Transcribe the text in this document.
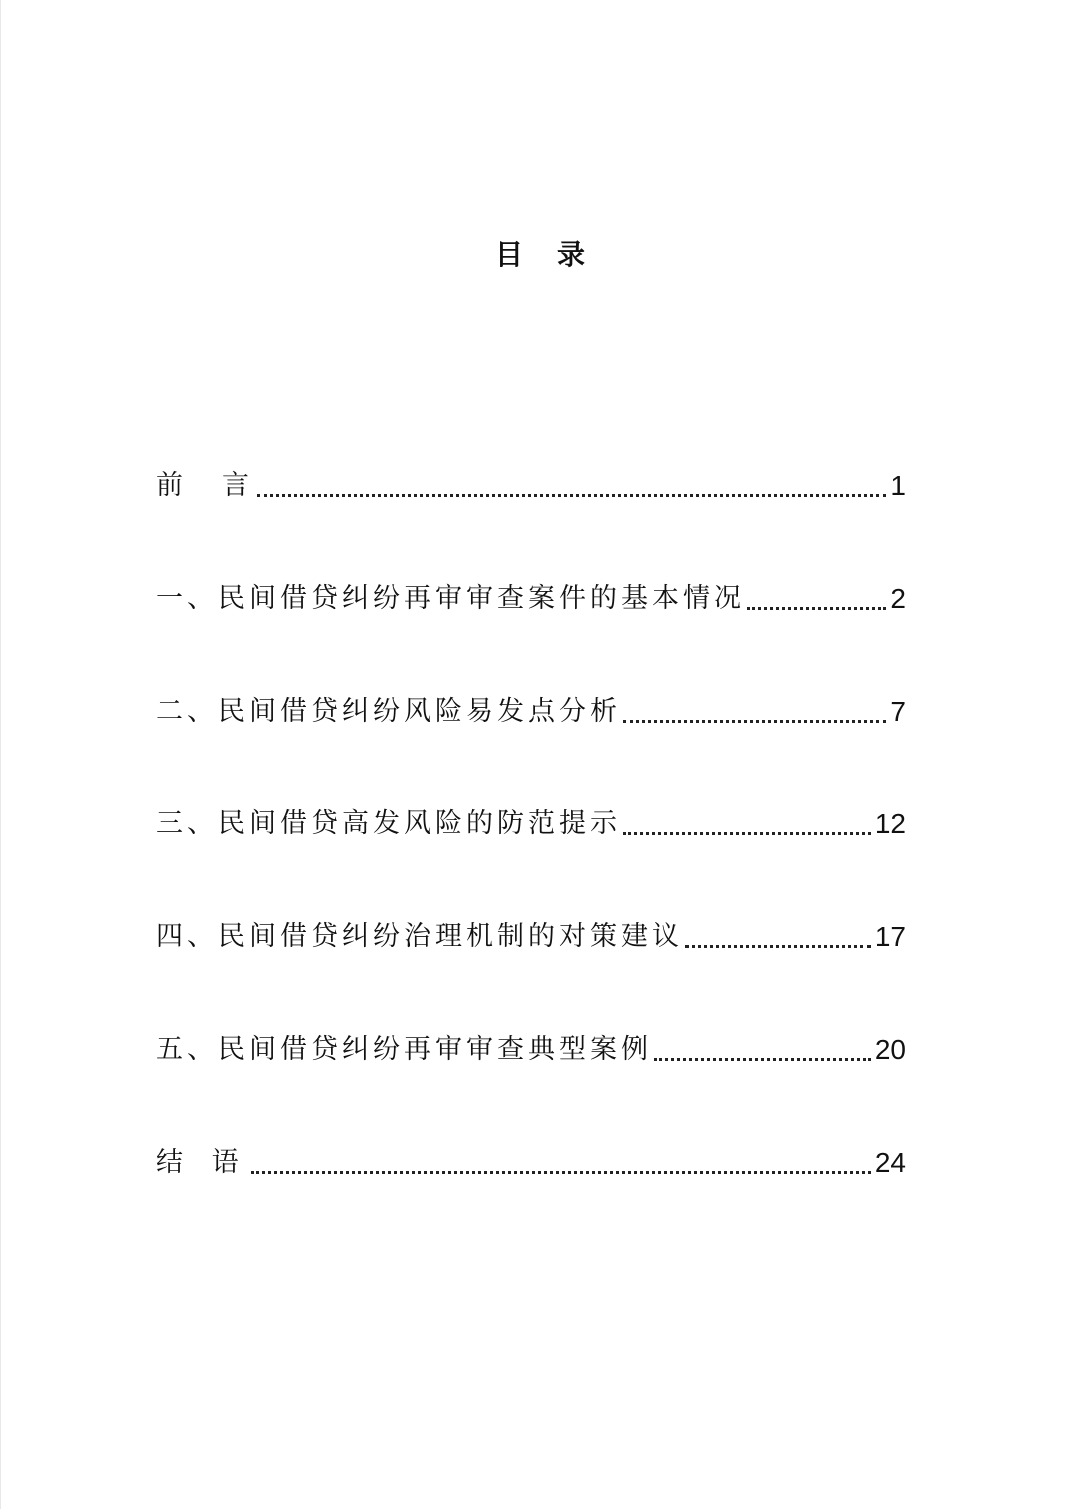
目录
前　言	1
一、民间借贷纠纷再审审查案件的基本情况	2
二、民间借贷纠纷风险易发点分析	7
三、民间借贷高发风险的防范提示	12
四、民间借贷纠纷治理机制的对策建议	17
五、民间借贷纠纷再审审查典型案例	20
结 语	24
